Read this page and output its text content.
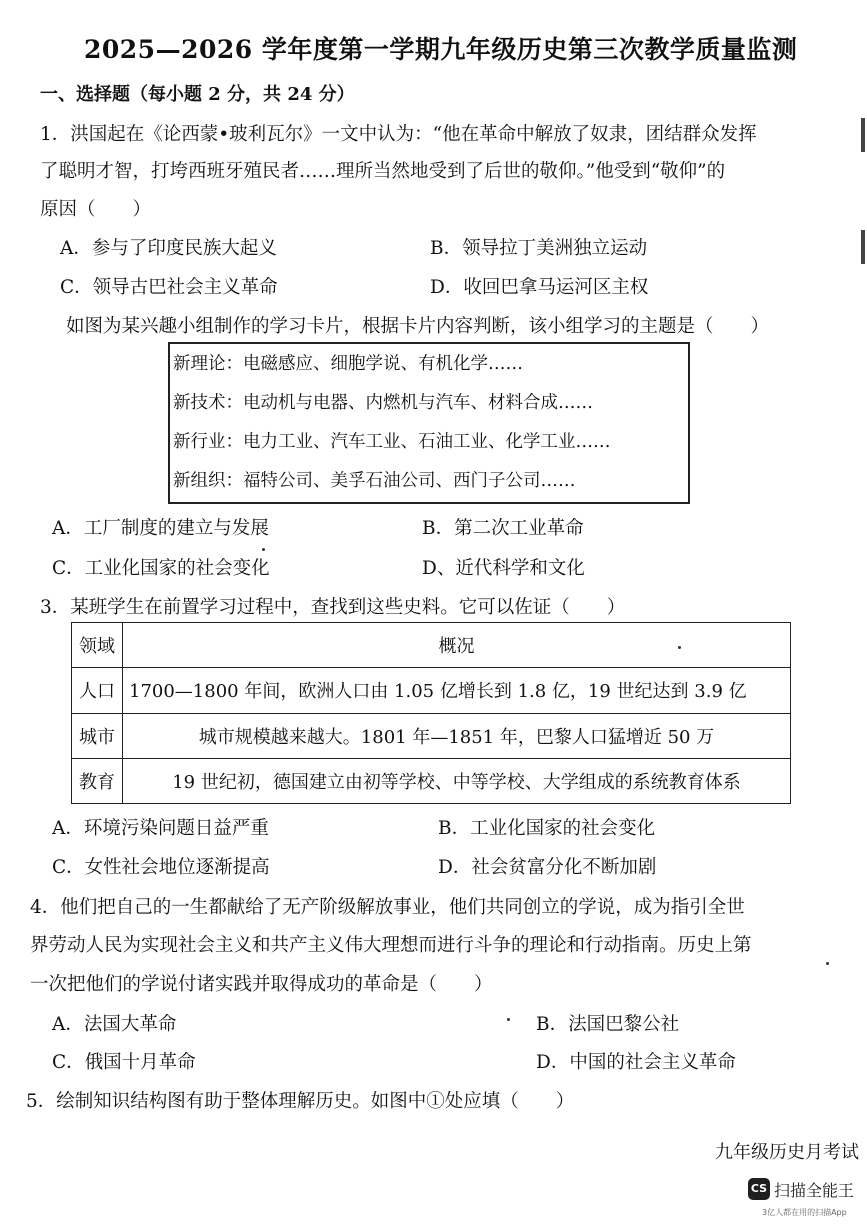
2025—2026 学年度第一学期九年级历史第三次教学质量监测
一、选择题（每小题 2 分，共 24 分）
1．洪国起在《论西蒙•玻利瓦尔》一文中认为：“他在革命中解放了奴隶，团结群众发挥
了聪明才智，打垮西班牙殖民者……理所当然地受到了后世的敬仰。”他受到“敬仰”的
原因（　　）
A．参与了印度民族大起义	B．领导拉丁美洲独立运动
C．领导古巴社会主义革命	D．收回巴拿马运河区主权
如图为某兴趣小组制作的学习卡片，根据卡片内容判断，该小组学习的主题是（　　）
新理论：电磁感应、细胞学说、有机化学……
新技术：电动机与电器、内燃机与汽车、材料合成……
新行业：电力工业、汽车工业、石油工业、化学工业……
新组织：福特公司、美孚石油公司、西门子公司……
A．工厂制度的建立与发展	B．第二次工业革命
C．工业化国家的社会变化	D、近代科学和文化
3．某班学生在前置学习过程中，查找到这些史料。它可以佐证（　　）
领域	概况
人口	1700—1800 年间，欧洲人口由 1.05 亿增长到 1.8 亿，19 世纪达到 3.9 亿
城市	城市规模越来越大。1801 年—1851 年，巴黎人口猛增近 50 万
教育	19 世纪初，德国建立由初等学校、中等学校、大学组成的系统教育体系
A．环境污染问题日益严重	B．工业化国家的社会变化
C．女性社会地位逐渐提高	D．社会贫富分化不断加剧
4．他们把自己的一生都献给了无产阶级解放事业，他们共同创立的学说，成为指引全世
界劳动人民为实现社会主义和共产主义伟大理想而进行斗争的理论和行动指南。历史上第
一次把他们的学说付诸实践并取得成功的革命是（　　）
A．法国大革命	B．法国巴黎公社
C．俄国十月革命	D．中国的社会主义革命
5．绘制知识结构图有助于整体理解历史。如图中①处应填（　　）
九年级历史月考试
CS 扫描全能王
3亿人都在用的扫描App
